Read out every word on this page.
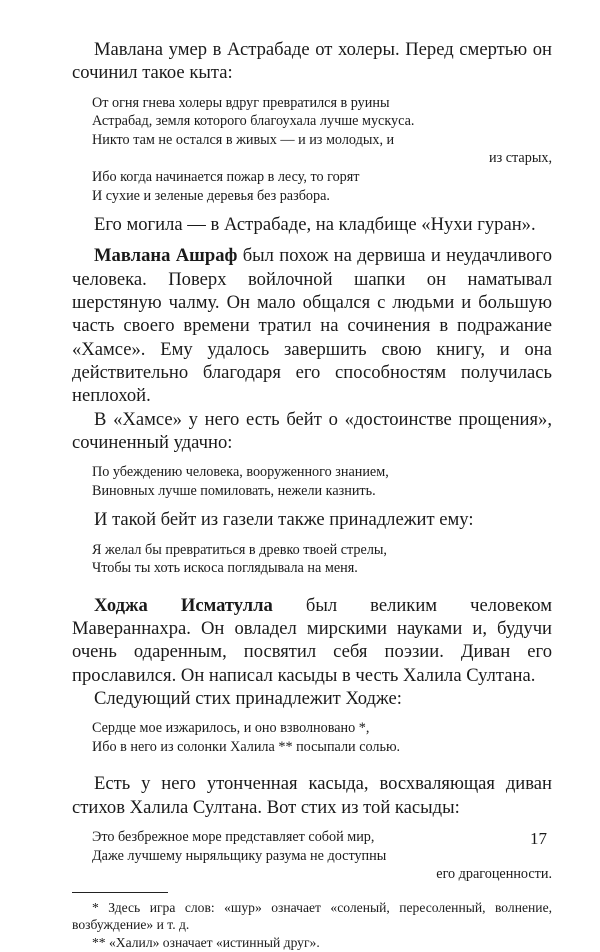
Мавлана умер в Астрабаде от холеры. Перед смертью он сочинил такое кыта:

От огня гнева холеры вдруг превратился в руины
Астрабад, земля которого благоухала лучше мускуса.
Никто там не остался в живых — и из молодых, и
из старых,
Ибо когда начинается пожар в лесу, то горят
И сухие и зеленые деревья без разбора.

Его могила — в Астрабаде, на кладбище «Нухи гуран».

Мавлана Ашраф был похож на дервиша и неудачливого человека. Поверх войлочной шапки он наматывал шерстяную чалму. Он мало общался с людьми и большую часть своего времени тратил на сочинения в подражание «Хамсе». Ему удалось завершить свою книгу, и она действительно благодаря его способностям получилась неплохой.

В «Хамсе» у него есть бейт о «достоинстве прощения», сочиненный удачно:

По убеждению человека, вооруженного знанием,
Виновных лучше помиловать, нежели казнить.

И такой бейт из газели также принадлежит ему:

Я желал бы превратиться в древко твоей стрелы,
Чтобы ты хоть искоса поглядывала на меня.

Ходжа Исматулла был великим человеком Мавераннахра. Он овладел мирскими науками и, будучи очень одаренным, посвятил себя поэзии. Диван его прославился. Он написал касыды в честь Халила Султана.

Следующий стих принадлежит Ходже:

Сердце мое изжарилось, и оно взволновано *,
Ибо в него из солонки Халила ** посыпали солью.

Есть у него утонченная касыда, восхваляющая диван стихов Халила Султана. Вот стих из той касыды:

Это безбрежное море представляет собой мир,
Даже лучшему ныряльщику разума не доступны
его драгоценности.

* Здесь игра слов: «шур» означает «соленый, пересоленный, волнение, возбуждение» и т. д.

** «Халил» означает «истинный друг».

17
